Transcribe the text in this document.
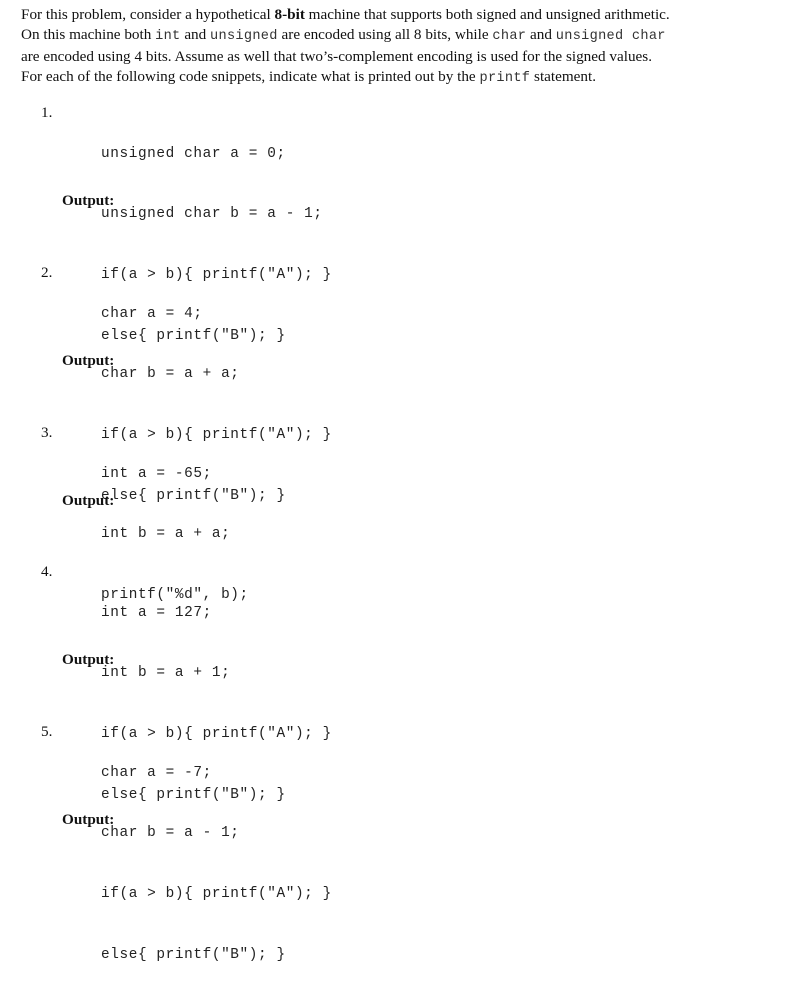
For this problem, consider a hypothetical 8-bit machine that supports both signed and unsigned arithmetic.

On this machine both int and unsigned are encoded using all 8 bits, while char and unsigned char

are encoded using 4 bits. Assume as well that two’s-complement encoding is used for the signed values.

For each of the following code snippets, indicate what is printed out by the printf statement.

1.

unsigned char a = 0;

unsigned char b = a - 1;

if(a > b){ printf("A"); }

else{ printf("B"); }

Output:
2.

char a = 4;

char b = a + a;

if(a > b){ printf("A"); }

else{ printf("B"); }

Output:
3.

int a = -65;

int b = a + a;

printf("%d", b);

Output:
4.

int a = 127;

int b = a + 1;

if(a > b){ printf("A"); }

else{ printf("B"); }

Output:
5.

char a = -7;

char b = a - 1;

if(a > b){ printf("A"); }

else{ printf("B"); }

Output:
